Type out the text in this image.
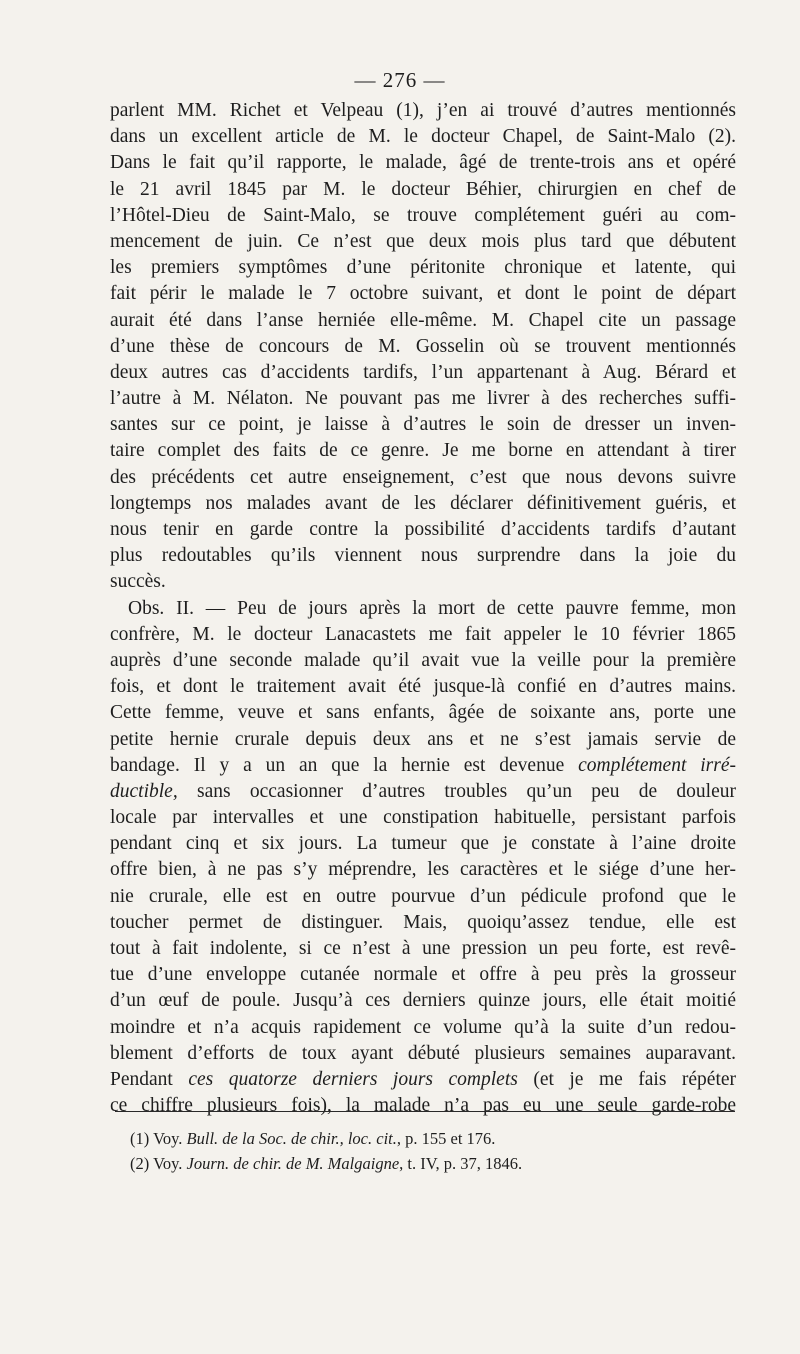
— 276 —
parlent MM. Richet et Velpeau (1), j’en ai trouvé d’autres mentionnés
dans un excellent article de M. le docteur Chapel, de Saint-Malo (2).
Dans le fait qu’il rapporte, le malade, âgé de trente-trois ans et opéré
le 21 avril 1845 par M. le docteur Béhier, chirurgien en chef de
l’Hôtel-Dieu de Saint-Malo, se trouve complétement guéri au com-
mencement de juin. Ce n’est que deux mois plus tard que débutent
les premiers symptômes d’une péritonite chronique et latente, qui
fait périr le malade le 7 octobre suivant, et dont le point de départ
aurait été dans l’anse herniée elle-même. M. Chapel cite un passage
d’une thèse de concours de M. Gosselin où se trouvent mentionnés
deux autres cas d’accidents tardifs, l’un appartenant à Aug. Bérard et
l’autre à M. Nélaton. Ne pouvant pas me livrer à des recherches suffi-
santes sur ce point, je laisse à d’autres le soin de dresser un inven-
taire complet des faits de ce genre. Je me borne en attendant à tirer
des précédents cet autre enseignement, c’est que nous devons suivre
longtemps nos malades avant de les déclarer définitivement guéris, et
nous tenir en garde contre la possibilité d’accidents tardifs d’autant
plus redoutables qu’ils viennent nous surprendre dans la joie du
succès.
Obs. II. — Peu de jours après la mort de cette pauvre femme, mon
confrère, M. le docteur Lanacastets me fait appeler le 10 février 1865
auprès d’une seconde malade qu’il avait vue la veille pour la première
fois, et dont le traitement avait été jusque-là confié en d’autres mains.
Cette femme, veuve et sans enfants, âgée de soixante ans, porte une
petite hernie crurale depuis deux ans et ne s’est jamais servie de
bandage. Il y a un an que la hernie est devenue complétement irré-
ductible, sans occasionner d’autres troubles qu’un peu de douleur
locale par intervalles et une constipation habituelle, persistant parfois
pendant cinq et six jours. La tumeur que je constate à l’aine droite
offre bien, à ne pas s’y méprendre, les caractères et le siége d’une her-
nie crurale, elle est en outre pourvue d’un pédicule profond que le
toucher permet de distinguer. Mais, quoiqu’assez tendue, elle est
tout à fait indolente, si ce n’est à une pression un peu forte, est revê-
tue d’une enveloppe cutanée normale et offre à peu près la grosseur
d’un œuf de poule. Jusqu’à ces derniers quinze jours, elle était moitié
moindre et n’a acquis rapidement ce volume qu’à la suite d’un redou-
blement d’efforts de toux ayant débuté plusieurs semaines auparavant.
Pendant ces quatorze derniers jours complets (et je me fais répéter
ce chiffre plusieurs fois), la malade n’a pas eu une seule garde-robe
(1) Voy. Bull. de la Soc. de chir., loc. cit., p. 155 et 176.
(2) Voy. Journ. de chir. de M. Malgaigne, t. IV, p. 37, 1846.
